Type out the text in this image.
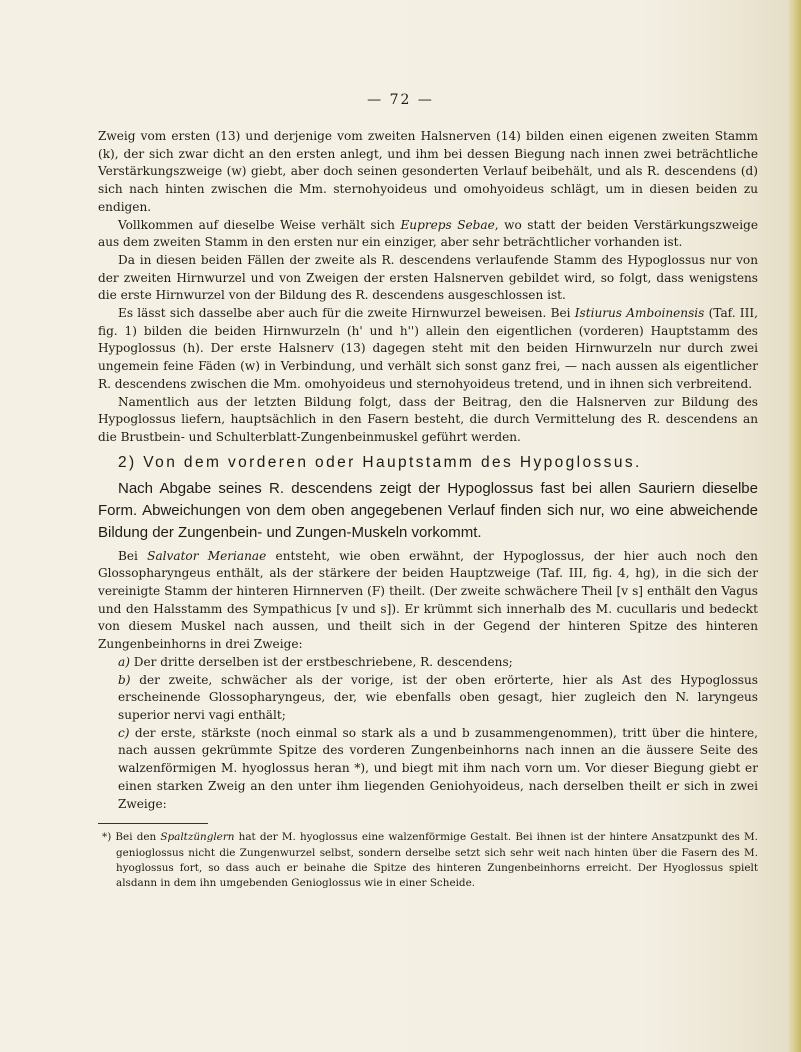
— 72 —

Zweig vom ersten (13) und derjenige vom zweiten Halsnerven (14) bilden einen eigenen zweiten Stamm (k), der sich zwar dicht an den ersten anlegt, und ihm bei dessen Biegung nach innen zwei beträchtliche Verstärkungszweige (w) giebt, aber doch seinen gesonderten Verlauf beibehält, und als R. descendens (d) sich nach hinten zwischen die Mm. sternohyoideus und omohyoideus schlägt, um in diesen beiden zu endigen.

Vollkommen auf dieselbe Weise verhält sich Eupreps Sebae, wo statt der beiden Verstärkungszweige aus dem zweiten Stamm in den ersten nur ein einziger, aber sehr beträchtlicher vorhanden ist.

Da in diesen beiden Fällen der zweite als R. descendens verlaufende Stamm des Hypoglossus nur von der zweiten Hirnwurzel und von Zweigen der ersten Halsnerven gebildet wird, so folgt, dass wenigstens die erste Hirnwurzel von der Bildung des R. descendens ausgeschlossen ist.

Es lässt sich dasselbe aber auch für die zweite Hirnwurzel beweisen. Bei Istiurus Amboinensis (Taf. III, fig. 1) bilden die beiden Hirnwurzeln (h' und h'') allein den eigentlichen (vorderen) Hauptstamm des Hypoglossus (h). Der erste Halsnerv (13) dagegen steht mit den beiden Hirnwurzeln nur durch zwei ungemein feine Fäden (w) in Verbindung, und verhält sich sonst ganz frei, — nach aussen als eigentlicher R. descendens zwischen die Mm. omohyoideus und sternohyoideus tretend, und in ihnen sich verbreitend.

Namentlich aus der letzten Bildung folgt, dass der Beitrag, den die Halsnerven zur Bildung des Hypoglossus liefern, hauptsächlich in den Fasern besteht, die durch Vermittelung des R. descendens an die Brustbein- und Schulterblatt-Zungenbeinmuskel geführt werden.

2) Von dem vorderen oder Hauptstamm des Hypoglossus.

Nach Abgabe seines R. descendens zeigt der Hypoglossus fast bei allen Sauriern dieselbe Form. Abweichungen von dem oben angegebenen Verlauf finden sich nur, wo eine abweichende Bildung der Zungenbein- und Zungen-Muskeln vorkommt.

Bei Salvator Merianae entsteht, wie oben erwähnt, der Hypoglossus, der hier auch noch den Glossopharyngeus enthält, als der stärkere der beiden Hauptzweige (Taf. III, fig. 4, hg), in die sich der vereinigte Stamm der hinteren Hirnnerven (F) theilt. (Der zweite schwächere Theil [v s] enthält den Vagus und den Halsstamm des Sympathicus [v und s]). Er krümmt sich innerhalb des M. cucullaris und bedeckt von diesem Muskel nach aussen, und theilt sich in der Gegend der hinteren Spitze des hinteren Zungenbeinhorns in drei Zweige:

a) Der dritte derselben ist der erstbeschriebene, R. descendens;

b) der zweite, schwächer als der vorige, ist der oben erörterte, hier als Ast des Hypoglossus erscheinende Glossopharyngeus, der, wie ebenfalls oben gesagt, hier zugleich den N. laryngeus superior nervi vagi enthält;

c) der erste, stärkste (noch einmal so stark als a und b zusammengenommen), tritt über die hintere, nach aussen gekrümmte Spitze des vorderen Zungenbeinhorns nach innen an die äussere Seite des walzenförmigen M. hyoglossus heran *), und biegt mit ihm nach vorn um. Vor dieser Biegung giebt er einen starken Zweig an den unter ihm liegenden Geniohyoideus, nach derselben theilt er sich in zwei Zweige:

*) Bei den Spaltzünglern hat der M. hyoglossus eine walzenförmige Gestalt. Bei ihnen ist der hintere Ansatzpunkt des M. genioglossus nicht die Zungenwurzel selbst, sondern derselbe setzt sich sehr weit nach hinten über die Fasern des M. hyoglossus fort, so dass auch er beinahe die Spitze des hinteren Zungenbeinhorns erreicht. Der Hyoglossus spielt alsdann in dem ihn umgebenden Genioglossus wie in einer Scheide.
